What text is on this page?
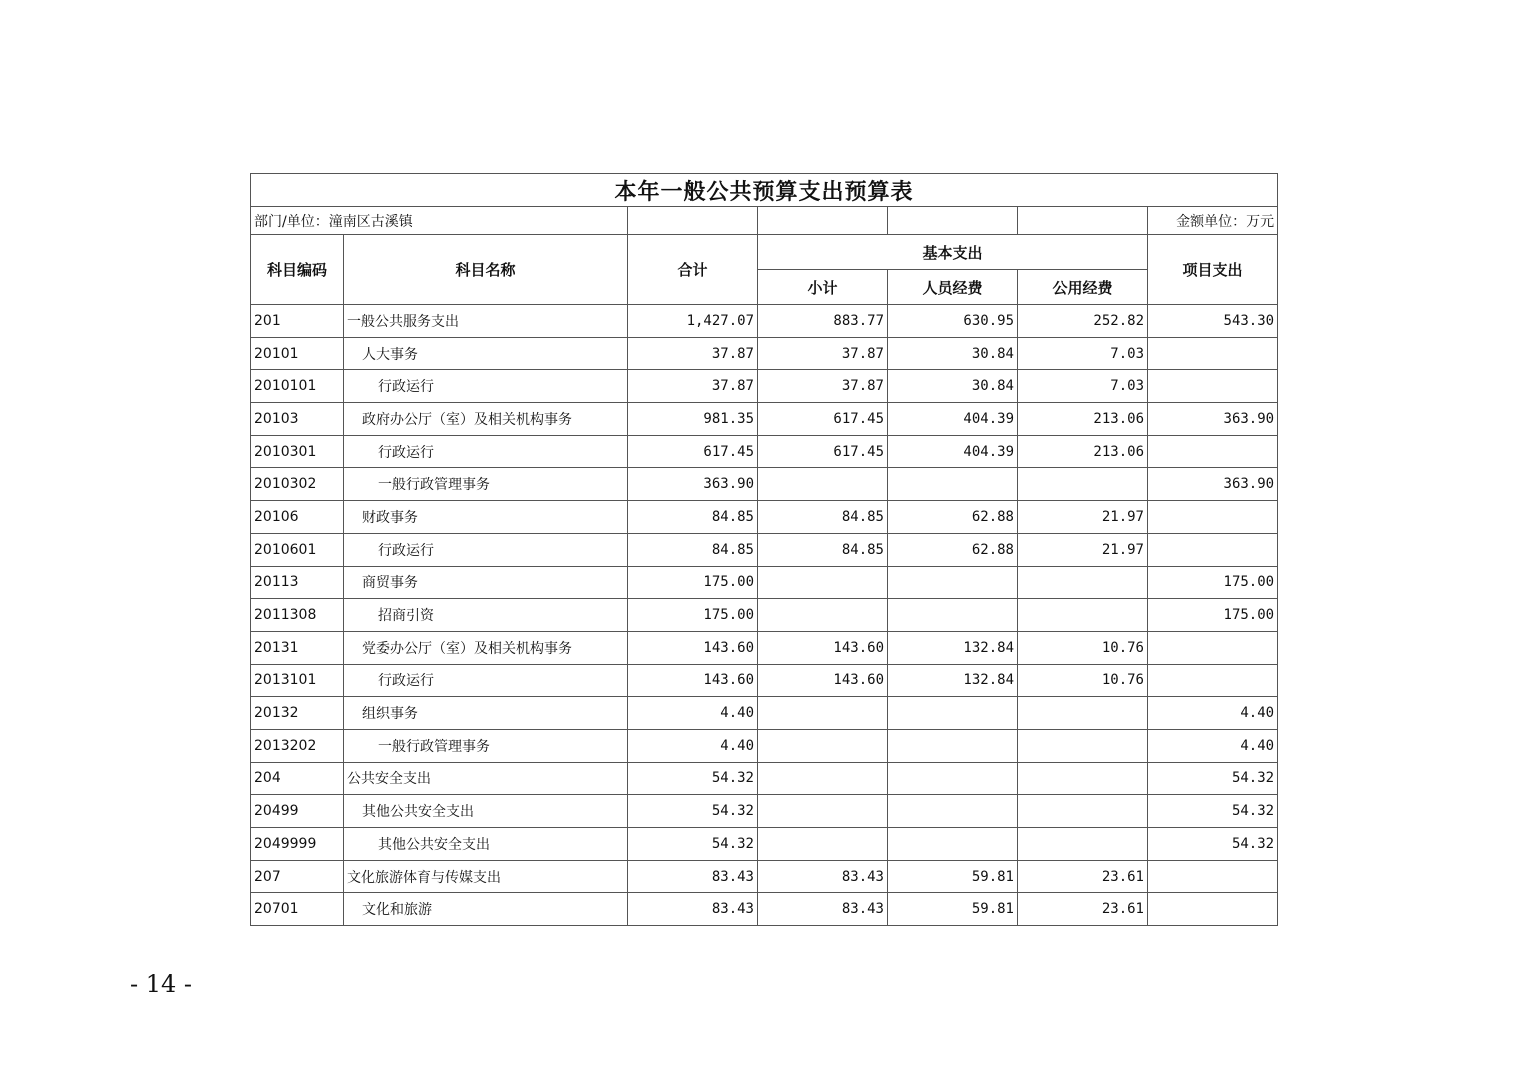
本年一般公共预算支出预算表						
部门/单位：潼南区古溪镇						金额单位：万元
科目编码	科目名称	合计	基本支出			项目支出
			小计	人员经费	公用经费	
201	一般公共服务支出	1,427.07	883.77	630.95	252.82	543.30
20101	人大事务	37.87	37.87	30.84	7.03	
2010101	行政运行	37.87	37.87	30.84	7.03	
20103	政府办公厅（室）及相关机构事务	981.35	617.45	404.39	213.06	363.90
2010301	行政运行	617.45	617.45	404.39	213.06	
2010302	一般行政管理事务	363.90				363.90
20106	财政事务	84.85	84.85	62.88	21.97	
2010601	行政运行	84.85	84.85	62.88	21.97	
20113	商贸事务	175.00				175.00
2011308	招商引资	175.00				175.00
20131	党委办公厅（室）及相关机构事务	143.60	143.60	132.84	10.76	
2013101	行政运行	143.60	143.60	132.84	10.76	
20132	组织事务	4.40				4.40
2013202	一般行政管理事务	4.40				4.40
204	公共安全支出	54.32				54.32
20499	其他公共安全支出	54.32				54.32
2049999	其他公共安全支出	54.32				54.32
207	文化旅游体育与传媒支出	83.43	83.43	59.81	23.61	
20701	文化和旅游	83.43	83.43	59.81	23.61	
- 14 -
